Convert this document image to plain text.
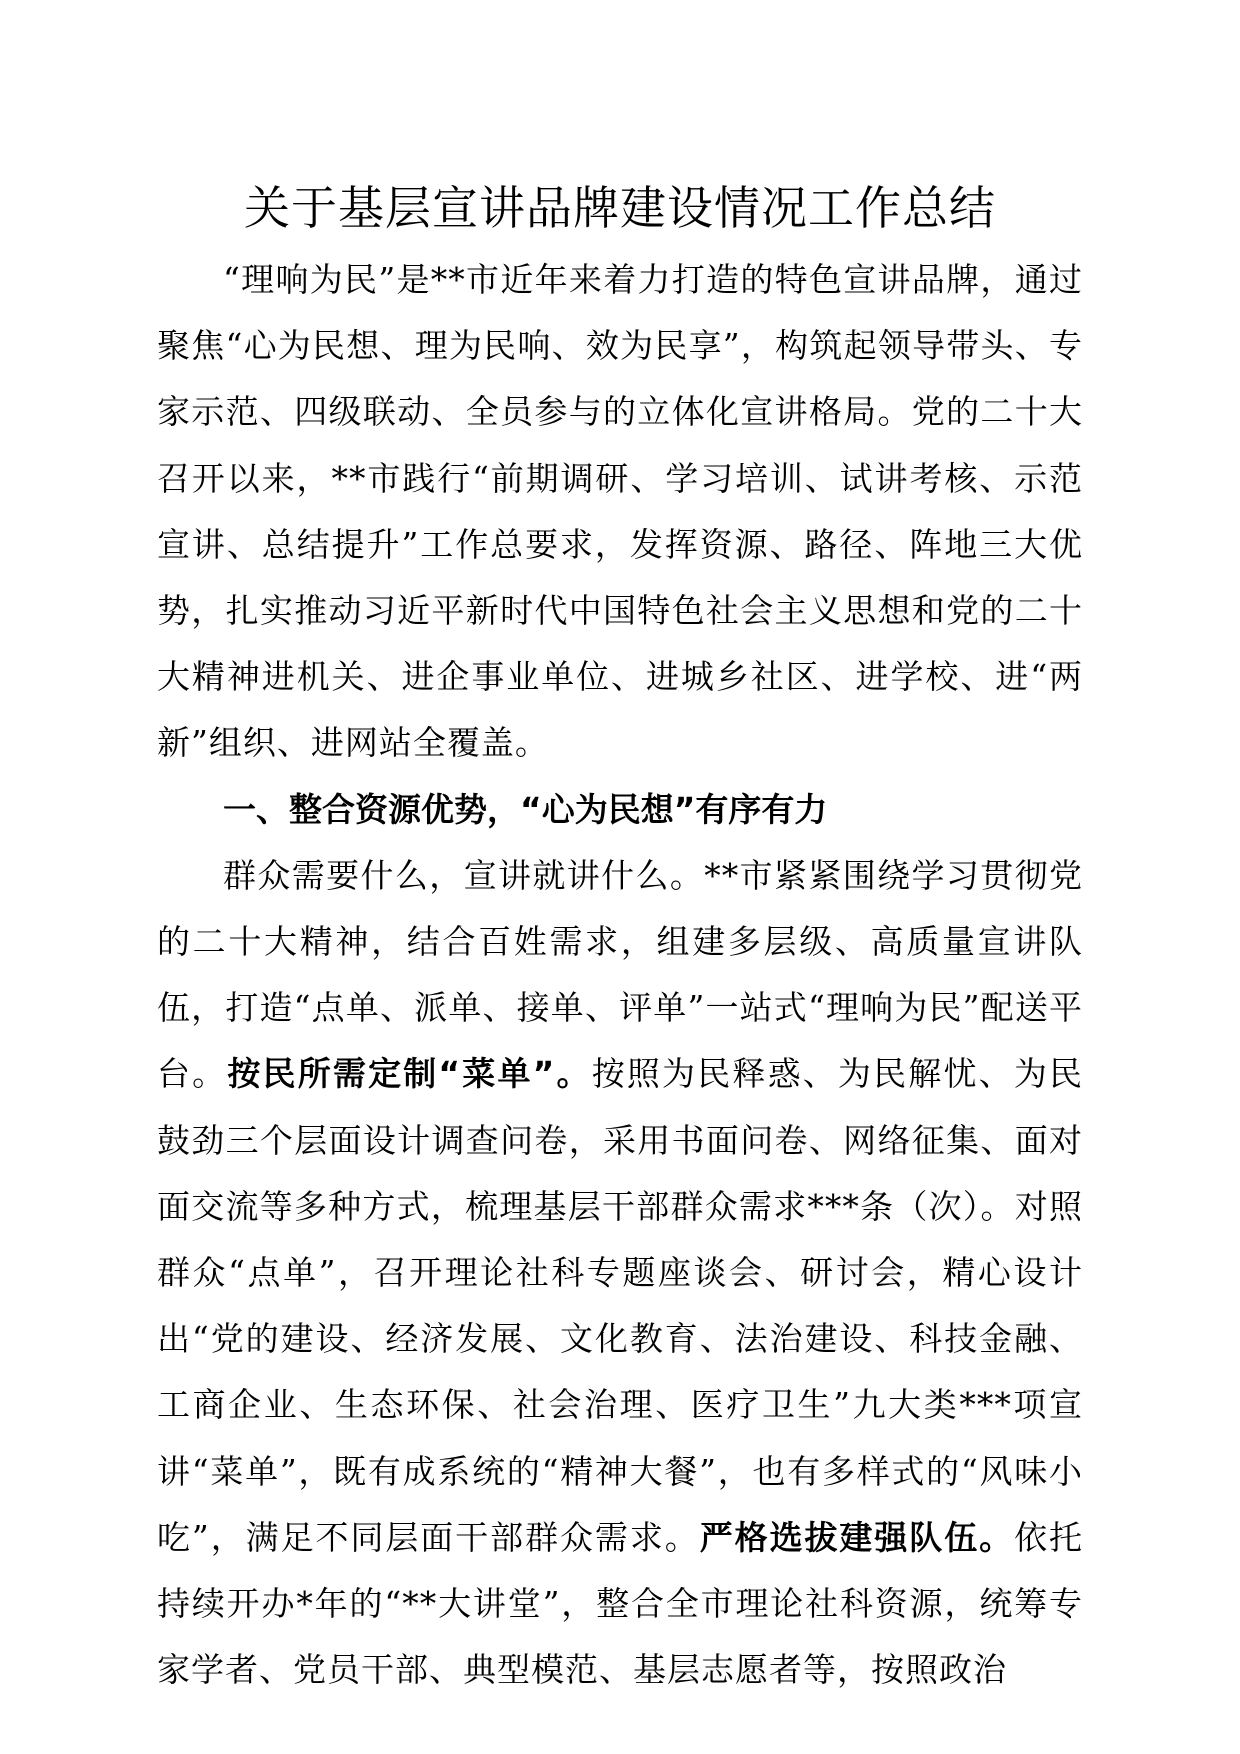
关于基层宣讲品牌建设情况工作总结

“理响为民”是**市近年来着力打造的特色宣讲品牌，通过聚焦“心为民想、理为民响、效为民享”，构筑起领导带头、专家示范、四级联动、全员参与的立体化宣讲格局。党的二十大召开以来，**市践行“前期调研、学习培训、试讲考核、示范宣讲、总结提升”工作总要求，发挥资源、路径、阵地三大优势，扎实推动习近平新时代中国特色社会主义思想和党的二十大精神进机关、进企事业单位、进城乡社区、进学校、进“两新”组织、进网站全覆盖。

一、整合资源优势，“心为民想”有序有力

群众需要什么，宣讲就讲什么。**市紧紧围绕学习贯彻党的二十大精神，结合百姓需求，组建多层级、高质量宣讲队伍，打造“点单、派单、接单、评单”一站式“理响为民”配送平台。按民所需定制“菜单”。按照为民释惑、为民解忧、为民鼓劲三个层面设计调查问卷，采用书面问卷、网络征集、面对面交流等多种方式，梳理基层干部群众需求***条（次）。对照群众“点单”，召开理论社科专题座谈会、研讨会，精心设计出“党的建设、经济发展、文化教育、法治建设、科技金融、工商企业、生态环保、社会治理、医疗卫生”九大类***项宣讲“菜单”，既有成系统的“精神大餐”，也有多样式的“风味小吃”，满足不同层面干部群众需求。严格选拔建强队伍。依托持续开办*年的“**大讲堂”，整合全市理论社科资源，统筹专家学者、党员干部、典型模范、基层志愿者等，按照政治
